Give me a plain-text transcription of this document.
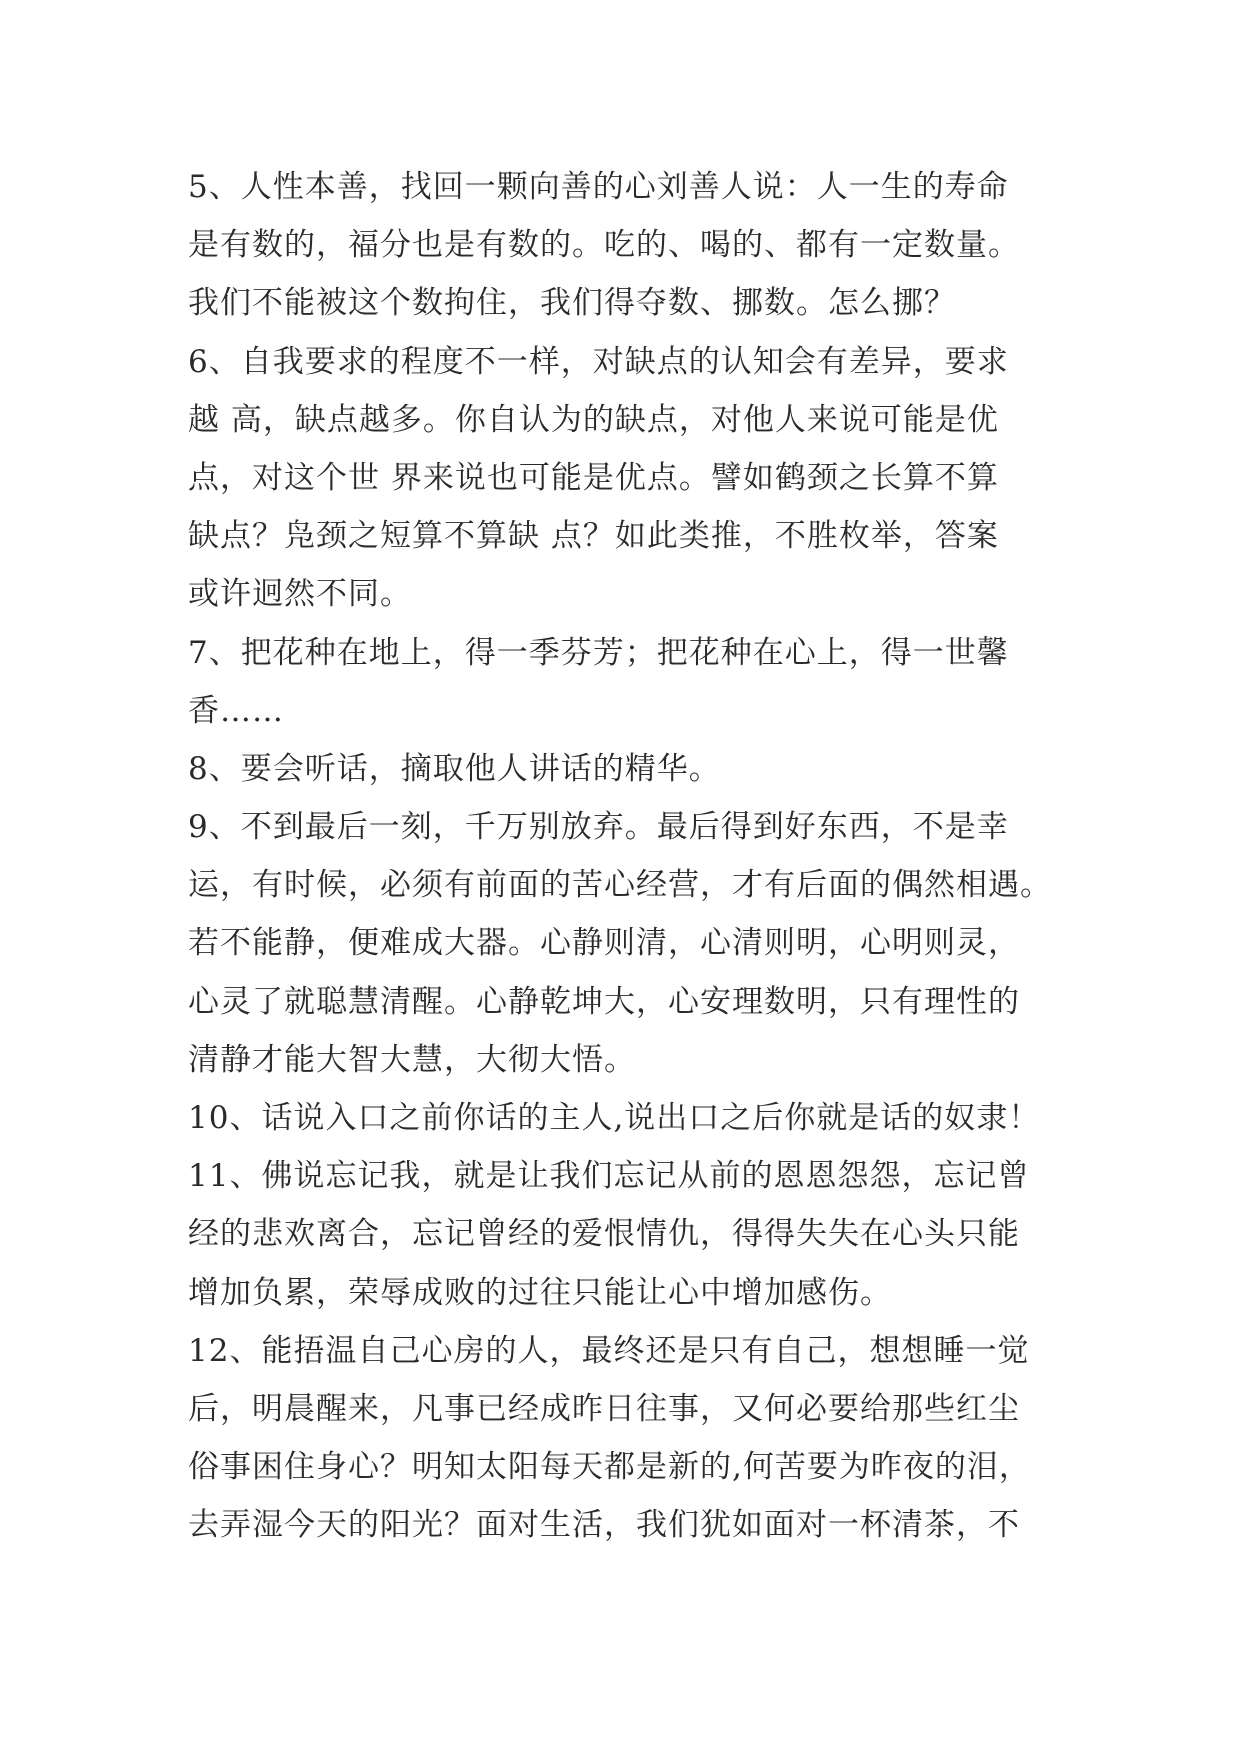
5、人性本善，找回一颗向善的心刘善人说：人一生的寿命
是有数的，福分也是有数的。吃的、喝的、都有一定数量。
我们不能被这个数拘住，我们得夺数、挪数。怎么挪？
6、自我要求的程度不一样，对缺点的认知会有差异，要求
越 高，缺点越多。你自认为的缺点，对他人来说可能是优
点，对这个世 界来说也可能是优点。譬如鹤颈之长算不算
缺点？凫颈之短算不算缺 点？如此类推，不胜枚举，答案
或许迥然不同。
7、把花种在地上，得一季芬芳；把花种在心上，得一世馨
香……
8、要会听话，摘取他人讲话的精华。
9、不到最后一刻，千万别放弃。最后得到好东西，不是幸
运，有时候，必须有前面的苦心经营，才有后面的偶然相遇。
若不能静，便难成大器。心静则清，心清则明，心明则灵，
心灵了就聪慧清醒。心静乾坤大，心安理数明，只有理性的
清静才能大智大慧，大彻大悟。
10、话说入口之前你话的主人,说出口之后你就是话的奴隶！
11、佛说忘记我，就是让我们忘记从前的恩恩怨怨，忘记曾
经的悲欢离合，忘记曾经的爱恨情仇，得得失失在心头只能
增加负累，荣辱成败的过往只能让心中增加感伤。
12、能捂温自己心房的人，最终还是只有自己，想想睡一觉
后，明晨醒来，凡事已经成昨日往事，又何必要给那些红尘
俗事困住身心？明知太阳每天都是新的,何苦要为昨夜的泪，
去弄湿今天的阳光？面对生活，我们犹如面对一杯清茶，不
